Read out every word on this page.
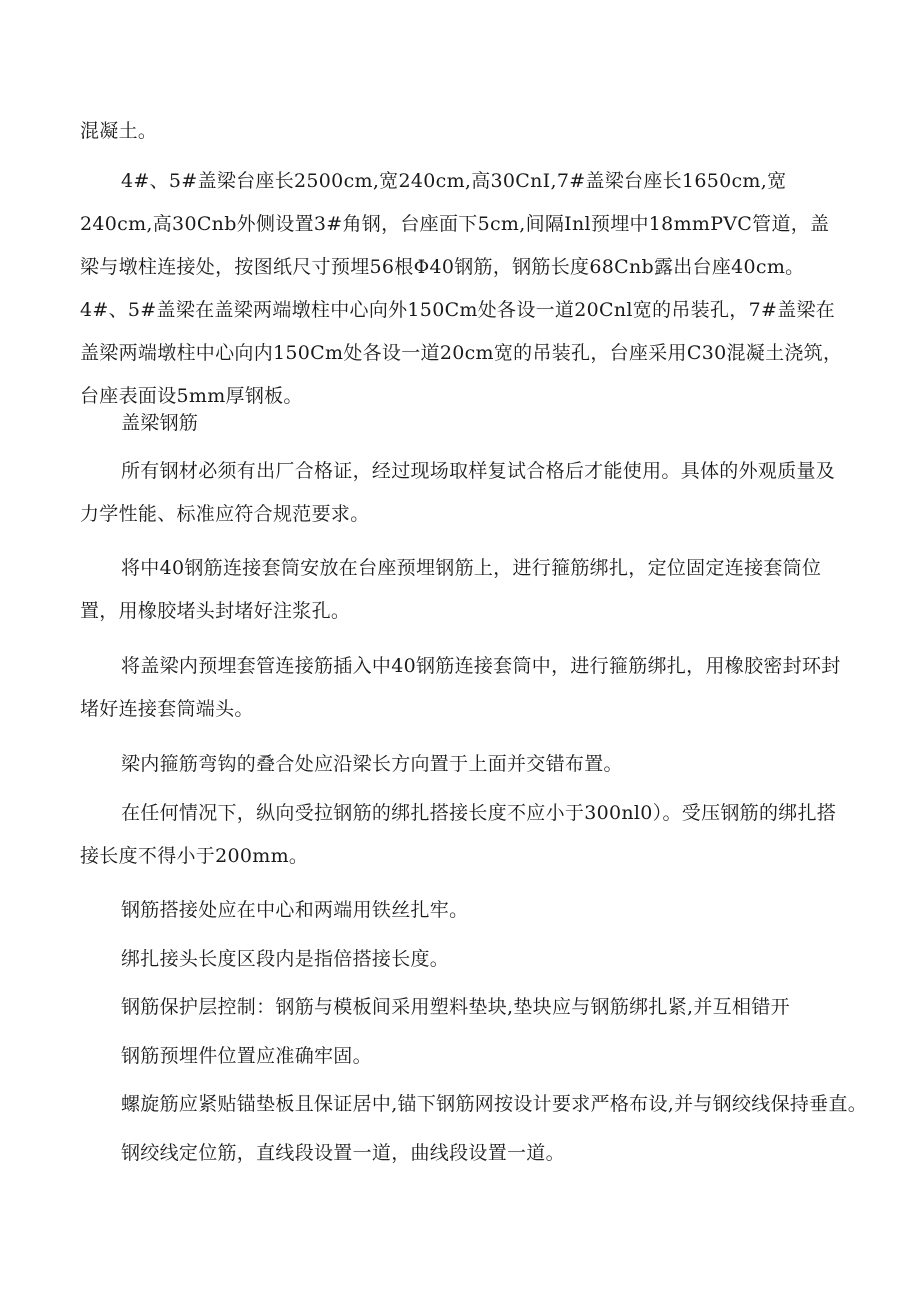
混凝土。

4#、5#盖梁台座长2500cm,宽240cm,高30CnI,7#盖梁台座长1650cm,宽240cm,高30Cnb外侧设置3#角钢，台座面下5cm,间隔Inl预埋中18mmPVC管道，盖梁与墩柱连接处，按图纸尺寸预埋56根Φ40钢筋，钢筋长度68Cnb露出台座40cm。4#、5#盖梁在盖梁两端墩柱中心向外150Cm处各设一道20Cnl宽的吊装孔，7#盖梁在盖梁两端墩柱中心向内150Cm处各设一道20cm宽的吊装孔，台座采用C30混凝土浇筑，台座表面设5mm厚钢板。

盖梁钢筋

所有钢材必须有出厂合格证，经过现场取样复试合格后才能使用。具体的外观质量及力学性能、标准应符合规范要求。

将中40钢筋连接套筒安放在台座预埋钢筋上，进行箍筋绑扎，定位固定连接套筒位置，用橡胶堵头封堵好注浆孔。

将盖梁内预埋套管连接筋插入中40钢筋连接套筒中，进行箍筋绑扎，用橡胶密封环封堵好连接套筒端头。

梁内箍筋弯钩的叠合处应沿梁长方向置于上面并交错布置。

在任何情况下，纵向受拉钢筋的绑扎搭接长度不应小于300nl0）。受压钢筋的绑扎搭接长度不得小于200mm。

钢筋搭接处应在中心和两端用铁丝扎牢。

绑扎接头长度区段内是指倍搭接长度。

钢筋保护层控制：钢筋与模板间采用塑料垫块,垫块应与钢筋绑扎紧,并互相错开

钢筋预埋件位置应准确牢固。

螺旋筋应紧贴锚垫板且保证居中,锚下钢筋网按设计要求严格布设,并与钢绞线保持垂直。

钢绞线定位筋，直线段设置一道，曲线段设置一道。
